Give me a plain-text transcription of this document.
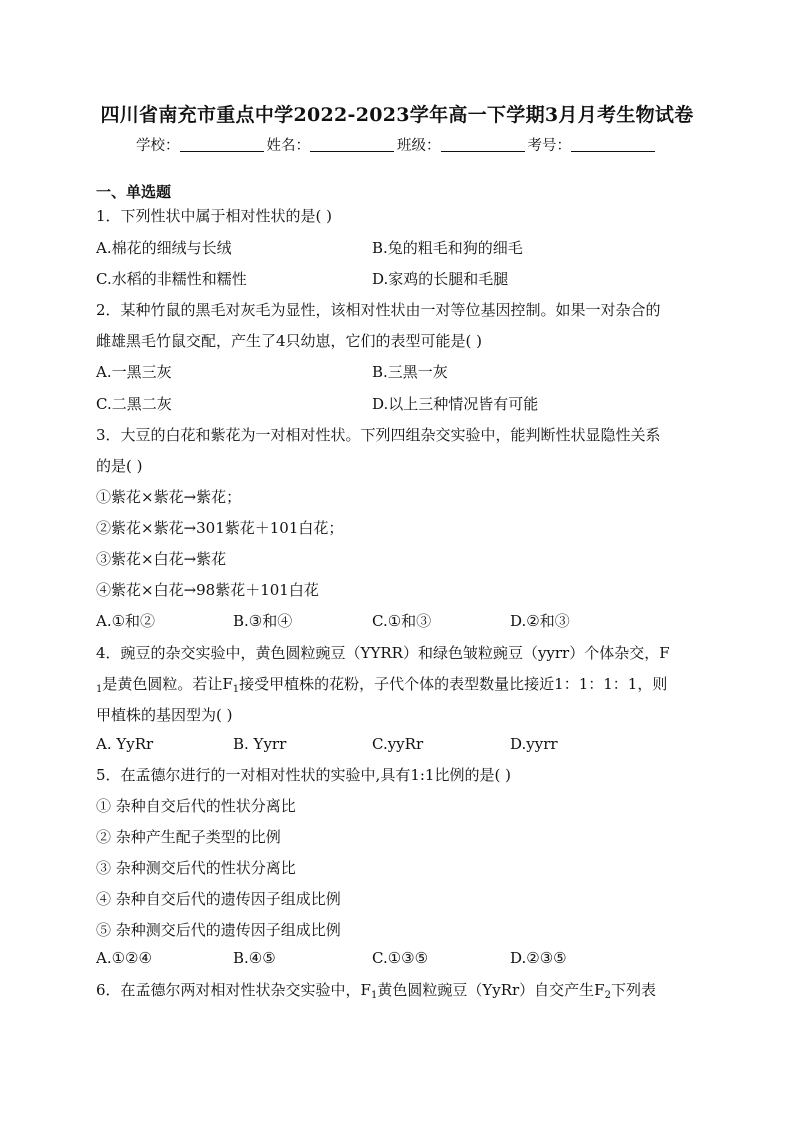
四川省南充市重点中学2022-2023学年高一下学期3月月考生物试卷
学校：	姓名：	班级：	考号：
一、单选题
1．下列性状中属于相对性状的是( )
A.棉花的细绒与长绒	B.兔的粗毛和狗的细毛
C.水稻的非糯性和糯性	D.家鸡的长腿和毛腿
2．某种竹鼠的黑毛对灰毛为显性，该相对性状由一对等位基因控制。如果一对杂合的
雌雄黑毛竹鼠交配，产生了4只幼崽，它们的表型可能是( )
A.一黑三灰	B.三黑一灰
C.二黑二灰	D.以上三种情况皆有可能
3．大豆的白花和紫花为一对相对性状。下列四组杂交实验中，能判断性状显隐性关系
的是( )
①紫花×紫花→紫花；
②紫花×紫花→301紫花＋101白花；
③紫花×白花→紫花
④紫花×白花→98紫花＋101白花
A.①和②	B.③和④	C.①和③	D.②和③
4．豌豆的杂交实验中，黄色圆粒豌豆（YYRR）和绿色皱粒豌豆（yyrr）个体杂交，F
$_1$是黄色圆粒。若让$F_1$接受甲植株的花粉，子代个体的表型数量比接近1：1：1：1，则
甲植株的基因型为( )
A. YyRr	B. Yyrr	C.yyRr	D.yyrr
5．在孟德尔进行的一对相对性状的实验中,具有1:1比例的是( )
① 杂种自交后代的性状分离比
② 杂种产生配子类型的比例
③ 杂种测交后代的性状分离比
④ 杂种自交后代的遗传因子组成比例
⑤ 杂种测交后代的遗传因子组成比例
A.①②④	B.④⑤	C.①③⑤	D.②③⑤
6．在孟德尔两对相对性状杂交实验中，$F_1$黄色圆粒豌豆（YyRr）自交产生$F_2$下列表
